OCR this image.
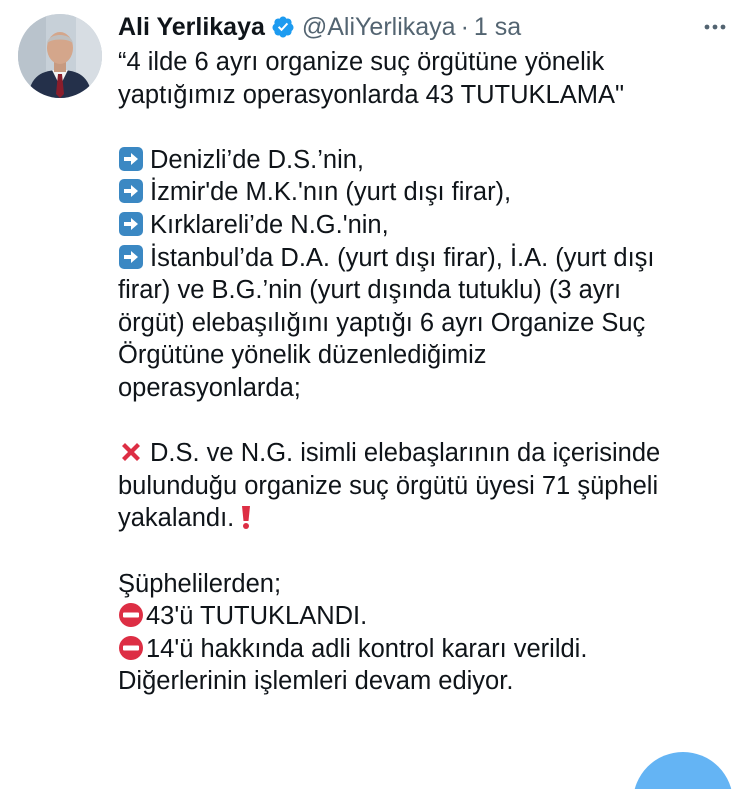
Ali Yerlikaya @AliYerlikaya · 1 sa
“4 ilde 6 ayrı organize suç örgütüne yönelik
yaptığımız operasyonlarda 43 TUTUKLAMA"
Denizli’de D.S.’nin,
İzmir'de M.K.'nın (yurt dışı firar),
Kırklareli’de N.G.'nin,
İstanbul’da D.A. (yurt dışı firar), İ.A. (yurt dışı
firar) ve B.G.’nin (yurt dışında tutuklu) (3 ayrı
örgüt) elebaşılığını yaptığı 6 ayrı Organize Suç
Örgütüne yönelik düzenlediğimiz
operasyonlarda;
D.S. ve N.G. isimli elebaşlarının da içerisinde
bulunduğu organize suç örgütü üyesi 71 şüpheli
yakalandı.
Şüphelilerden;
43'ü TUTUKLANDI.
14'ü hakkında adli kontrol kararı verildi.
Diğerlerinin işlemleri devam ediyor.
